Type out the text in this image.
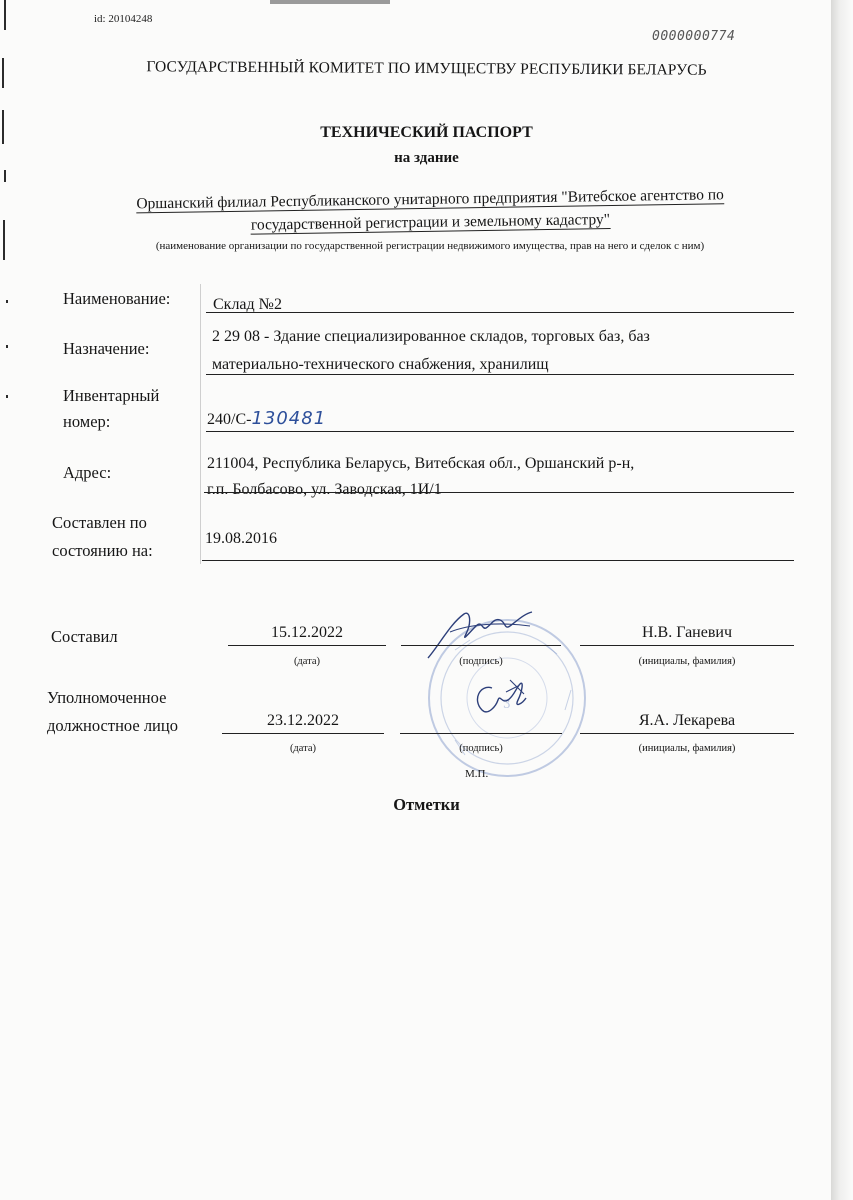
id: 20104248
0000000774
ГОСУДАРСТВЕННЫЙ КОМИТЕТ ПО ИМУЩЕСТВУ РЕСПУБЛИКИ БЕЛАРУСЬ
ТЕХНИЧЕСКИЙ ПАСПОРТ
на здание
Оршанский филиал Республиканского унитарного предприятия "Витебское агентство по
государственной регистрации и земельному кадастру"
(наименование организации по государственной регистрации недвижимого имущества, прав на него и сделок с ним)
Наименование:	Склад №2
Назначение:
2 29 08 - Здание специализированное складов, торговых баз, баз
материально-технического снабжения, хранилищ
Инвентарный
номер:	240/С-130481
Адрес:	211004, Республика Беларусь, Витебская обл., Оршанский р-н,
г.п. Болбасово, ул. Заводская, 1И/1
Составлен по
состоянию на:
19.08.2016
3
Составил	15.12.2022	Н.В. Ганевич
(дата)	(подпись)	(инициалы, фамилия)
Уполномоченное
должностное лицо	23.12.2022	Я.А. Лекарева
(дата)	(подпись)	(инициалы, фамилия)
М.П.
Отметки
